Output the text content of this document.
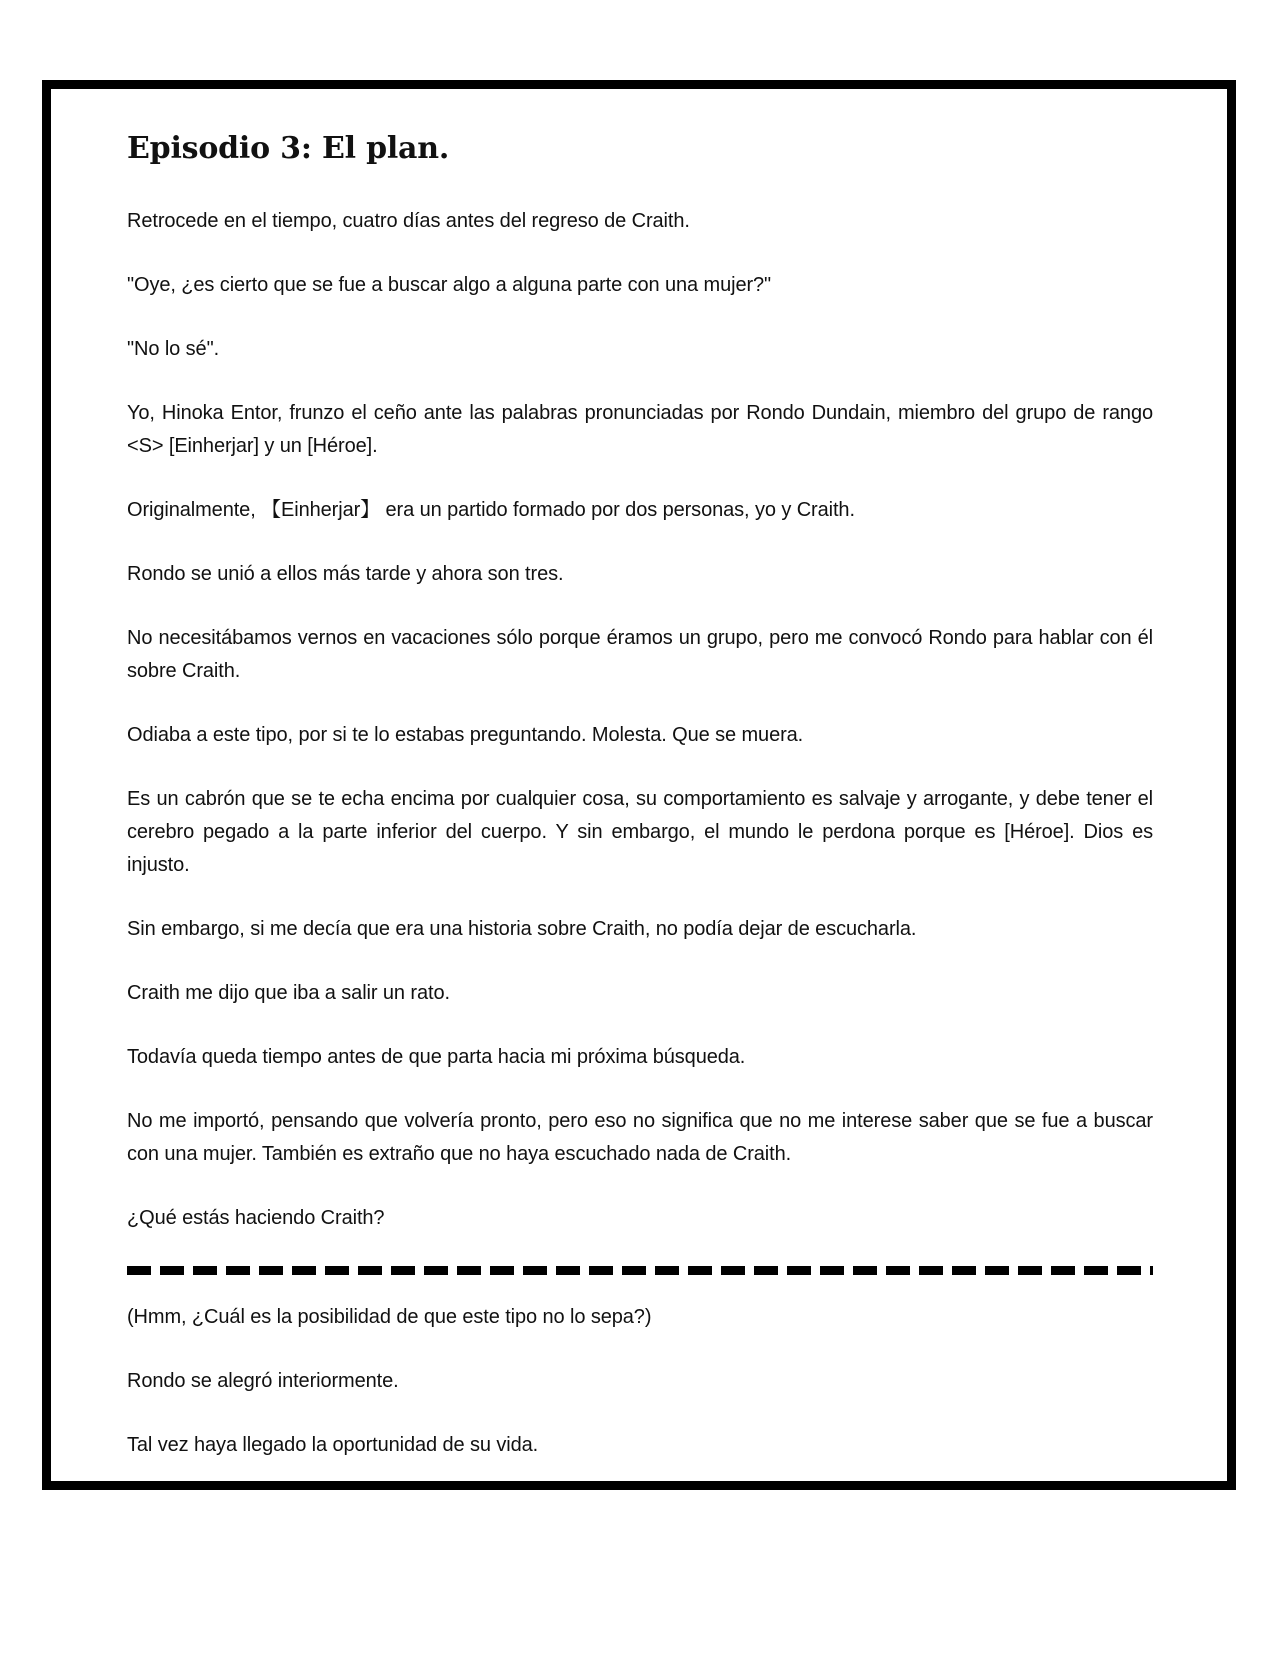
Episodio 3: El plan.

Retrocede en el tiempo, cuatro días antes del regreso de Craith.

"Oye, ¿es cierto que se fue a buscar algo a alguna parte con una mujer?"

"No lo sé".

Yo, Hinoka Entor, frunzo el ceño ante las palabras pronunciadas por Rondo Dundain, miembro del grupo de rango <S> [Einherjar] y un [Héroe].

Originalmente, 【Einherjar】 era un partido formado por dos personas, yo y Craith.

Rondo se unió a ellos más tarde y ahora son tres.

No necesitábamos vernos en vacaciones sólo porque éramos un grupo, pero me convocó Rondo para hablar con él sobre Craith.

Odiaba a este tipo, por si te lo estabas preguntando. Molesta. Que se muera.

Es un cabrón que se te echa encima por cualquier cosa, su comportamiento es salvaje y arrogante, y debe tener el cerebro pegado a la parte inferior del cuerpo. Y sin embargo, el mundo le perdona porque es [Héroe]. Dios es injusto.

Sin embargo, si me decía que era una historia sobre Craith, no podía dejar de escucharla.

Craith me dijo que iba a salir un rato.

Todavía queda tiempo antes de que parta hacia mi próxima búsqueda.

No me importó, pensando que volvería pronto, pero eso no significa que no me interese saber que se fue a buscar con una mujer. También es extraño que no haya escuchado nada de Craith.

¿Qué estás haciendo Craith?

(Hmm, ¿Cuál es la posibilidad de que este tipo no lo sepa?)

Rondo se alegró interiormente.

Tal vez haya llegado la oportunidad de su vida.
